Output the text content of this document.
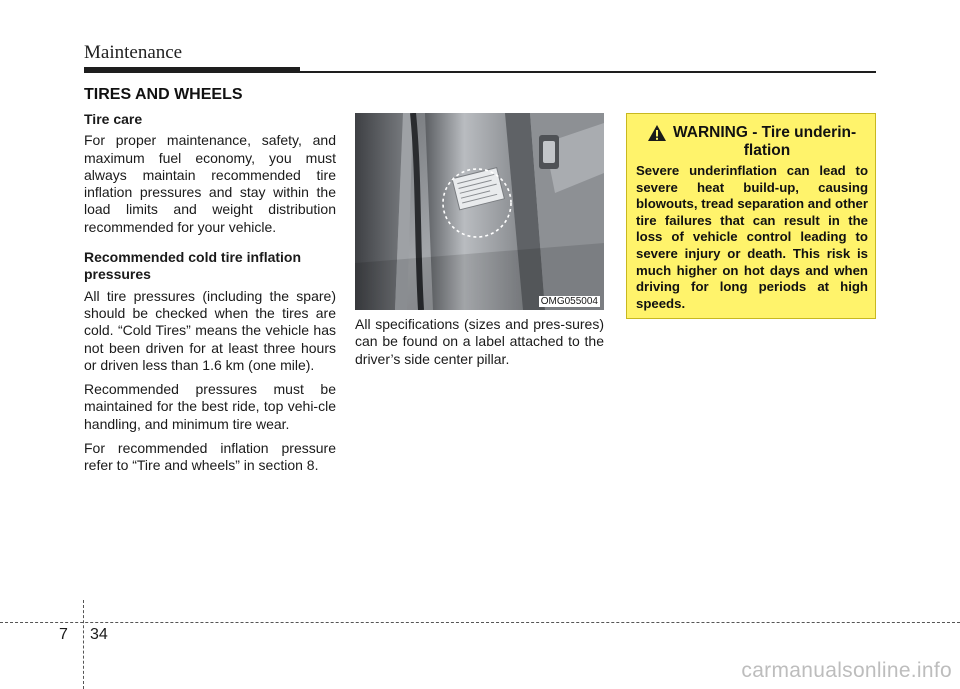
Maintenance
TIRES AND WHEELS

Tire care

For proper maintenance, safety, and maximum fuel economy, you must always maintain recommended tire inflation pressures and stay within the load limits and weight distribution recommended for your vehicle.

Recommended cold tire inflation pressures

All tire pressures (including the spare) should be checked when the tires are cold. “Cold Tires” means the vehicle has not been driven for at least three hours or driven less than 1.6 km (one mile).

Recommended pressures must be maintained for the best ride, top vehi-cle handling, and minimum tire wear.

For recommended inflation pressure refer to “Tire and wheels” in section 8.

OMG055004

All specifications (sizes and pres-sures) can be found on a label attached to the driver’s side center pillar.

WARNING - Tire underin-
flation
Severe underinflation can lead to severe heat build-up, causing blowouts, tread separation and other tire failures that can result in the loss of vehicle control leading to severe injury or death. This risk is much higher on hot days and when driving for long periods at high speeds.
7 34
carmanualsonline.info
